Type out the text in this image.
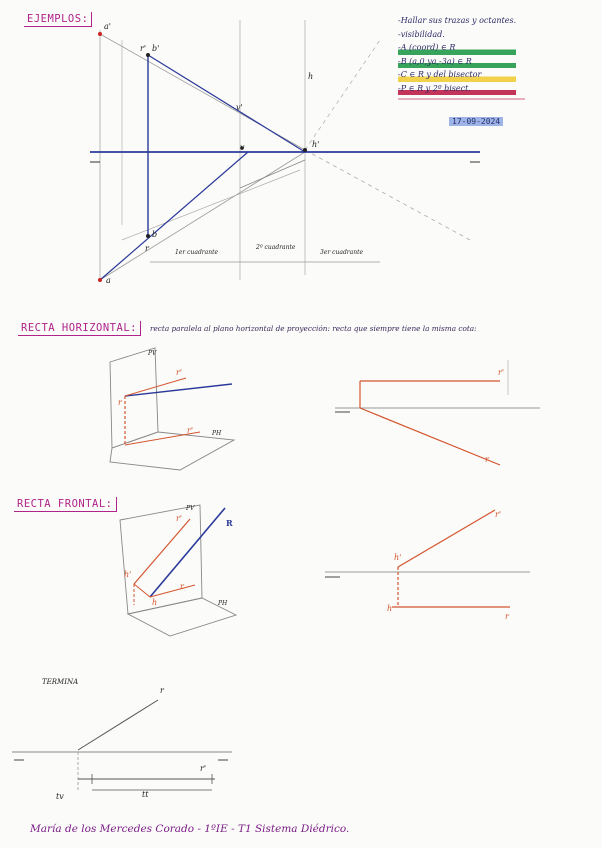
EJEMPLOS:	-Hallar sus trazas y octantes.
-visibilidad.
-A (coord) ∈ R
-B (a,0,ya,-3a) ∈ R
-C ∈ R y del bisector
-P ∈ R y 2º bisect.
17-09-2024
a'
b'
r'
v'
h
h'
v
b
r
a
1er cuadrante
2º cuadrante
3er cuadrante
RECTA HORIZONTAL:	recta paralela al plano horizontal de proyección: recta que siempre tiene la misma cota:
PV
PH
r'
r'
r
r'
r
RECTA FRONTAL:	PV
PH
R
r'
h'
h
r
r'
h'
h
r
TERMINA
r
r'
tv	tt
María de los Mercedes Corado - 1ºIE - T1 Sistema Diédrico.
